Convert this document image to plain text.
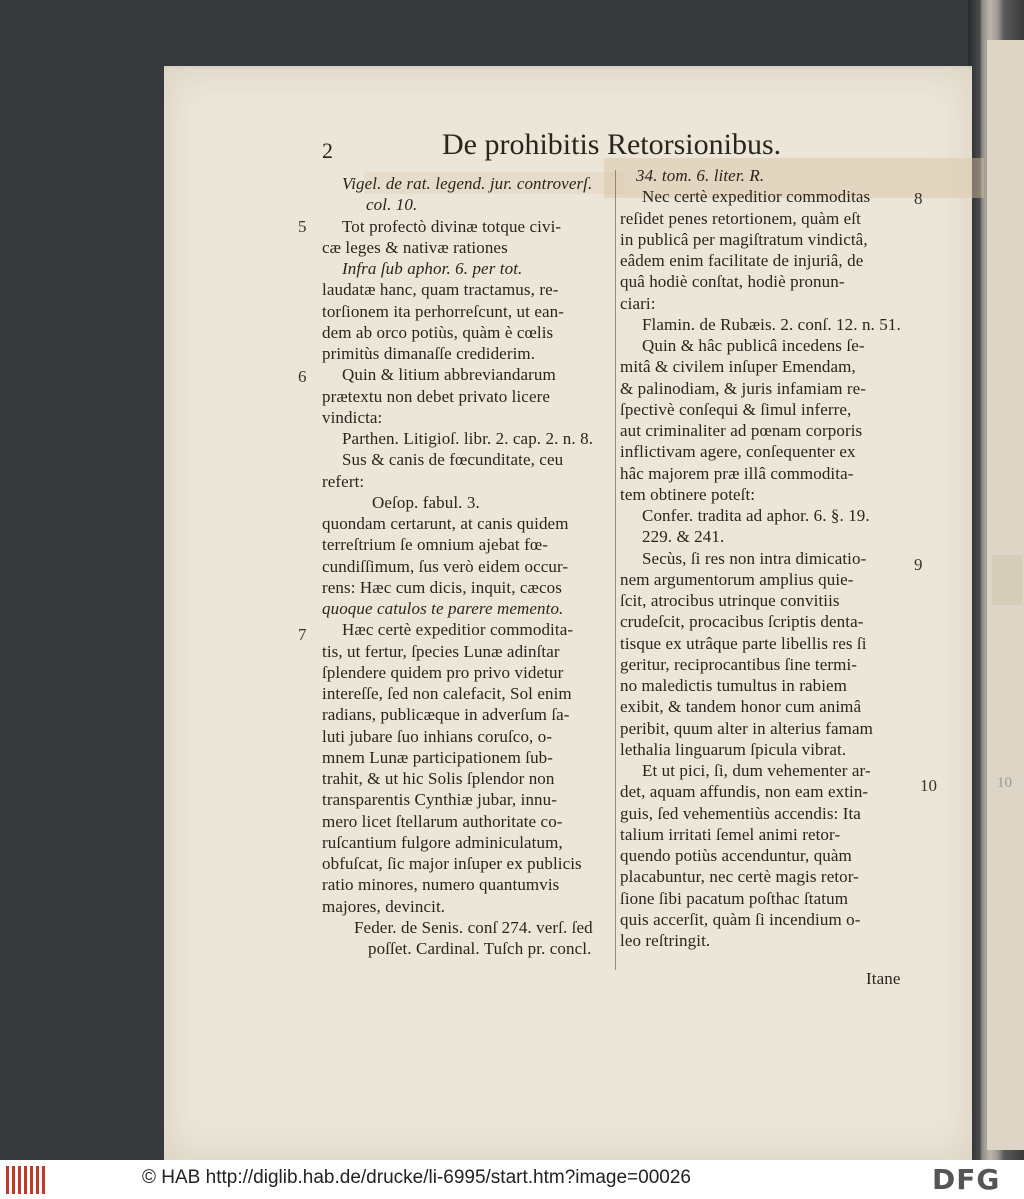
10
2	De prohibitis Retorsionibus.
Vigel. de rat. legend. jur. controverſ.
col. 10.
Tot profectò divinæ totque civi-
cæ leges & nativæ rationes
Infra ſub aphor. 6. per tot.
laudatæ hanc, quam tractamus, re-
torſionem ita perhorreſcunt, ut ean-
dem ab orco potiùs, quàm è cœlis
primitùs dimanaſſe crediderim.
Quin & litium abbreviandarum
prætextu non debet privato licere
vindicta:
Parthen. Litigioſ. libr. 2. cap. 2. n. 8.
Sus & canis de fœcunditate, ceu
refert:
Oeſop. fabul. 3.
quondam certarunt, at canis quidem
terreſtrium ſe omnium ajebat fœ-
cundiſſimum, ſus verò eidem occur-
rens: Hæc cum dicis, inquit, cæcos
quoque catulos te parere memento.
Hæc certè expeditior commodita-
tis, ut fertur, ſpecies Lunæ adinſtar
ſplendere quidem pro privo videtur
intereſſe, ſed non calefacit, Sol enim
radians, publicæque in adverſum ſa-
luti jubare ſuo inhians coruſco, o-
mnem Lunæ participationem ſub-
trahit, & ut hic Solis ſplendor non
transparentis Cynthiæ jubar, innu-
mero licet ſtellarum authoritate co-
ruſcantium fulgore adminiculatum,
obfuſcat, ſic major inſuper ex publicis
ratio minores, numero quantumvis
majores, devincit.
Feder. de Senis. conſ 274. verſ. ſed
poſſet. Cardinal. Tuſch pr. concl.
34. tom. 6. liter. R.
Nec certè expeditior commoditas
reſidet penes retortionem, quàm eſt
in publicâ per magiſtratum vindictâ,
eâdem enim facilitate de injuriâ, de
quâ hodiè conſtat, hodiè pronun-
ciari:
Flamin. de Rubæis. 2. conſ. 12. n. 51.
Quin & hâc publicâ incedens ſe-
mitâ & civilem inſuper Emendam,
& palinodiam, & juris infamiam re-
ſpectivè conſequi & ſimul inferre,
aut criminaliter ad pœnam corporis
inflictivam agere, conſequenter ex
hâc majorem præ illâ commodita-
tem obtinere poteſt:
Confer. tradita ad aphor. 6. §. 19.
229. & 241.
Secùs, ſi res non intra dimicatio-
nem argumentorum amplius quie-
ſcit, atrocibus utrinque convitiis
crudeſcit, procacibus ſcriptis denta-
tisque ex utrâque parte libellis res ſi
geritur, reciprocantibus ſine termi-
no maledictis tumultus in rabiem
exibit, & tandem honor cum animâ
peribit, quum alter in alterius famam
lethalia linguarum ſpicula vibrat.
Et ut pici, ſi, dum vehementer ar-
det, aquam affundis, non eam extin-
guis, ſed vehementiùs accendis: Ita
talium irritati ſemel animi retor-
quendo potiùs accenduntur, quàm
placabuntur, nec certè magis retor-
ſione ſibi pacatum poſthac ſtatum
quis accerſit, quàm ſi incendium o-
leo reſtringit.
Itane
5
6
7
8
9
10
© HAB http://diglib.hab.de/drucke/li-6995/start.htm?image=00026	DFG
